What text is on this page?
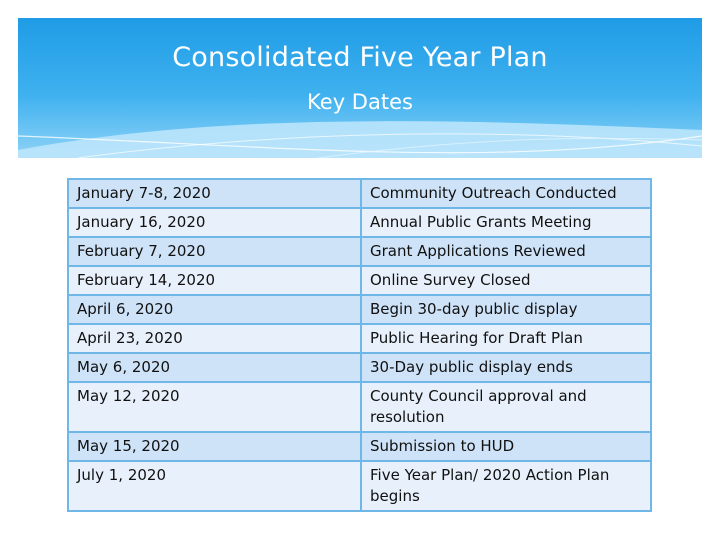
Consolidated Five Year Plan
Key Dates
January 7-8, 2020	Community Outreach Conducted
January 16, 2020	Annual Public Grants Meeting
February 7, 2020	Grant Applications Reviewed
February 14, 2020	Online Survey Closed
April 6, 2020	Begin 30-day public display
April 23, 2020	Public Hearing for Draft Plan
May 6, 2020	30-Day public display ends
May 12, 2020	County Council approval and resolution
May 15, 2020	Submission to HUD
July 1, 2020	Five Year Plan/ 2020 Action Plan begins
